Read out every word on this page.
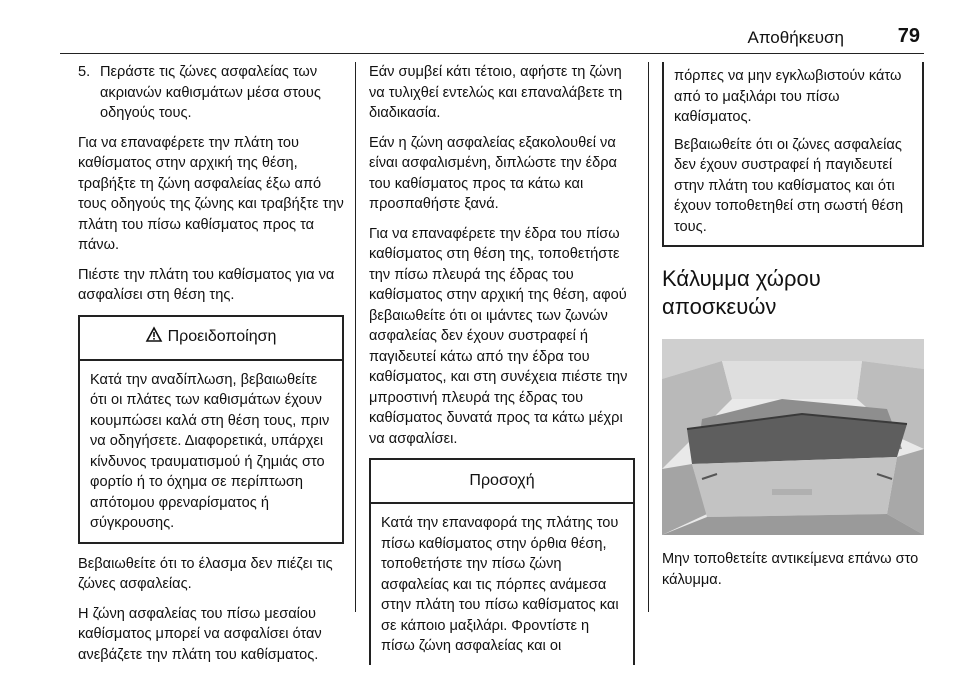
Αποθήκευση	79
5. Περάστε τις ζώνες ασφαλείας των ακριανών καθισμάτων μέσα στους οδηγούς τους.

Για να επαναφέρετε την πλάτη του καθίσματος στην αρχική της θέση, τραβήξτε τη ζώνη ασφαλείας έξω από τους οδηγούς της ζώνης και τραβήξτε την πλάτη του πίσω καθίσματος προς τα πάνω.

Πιέστε την πλάτη του καθίσματος για να ασφαλίσει στη θέση της.

Προειδοποίηση

Κατά την αναδίπλωση, βεβαιωθείτε ότι οι πλάτες των καθισμάτων έχουν κουμπώσει καλά στη θέση τους, πριν να οδηγήσετε. Διαφορετικά, υπάρχει κίνδυνος τραυματισμού ή ζημιάς στο φορτίο ή το όχημα σε περίπτωση απότομου φρεναρίσματος ή σύγκρουσης.

Βεβαιωθείτε ότι το έλασμα δεν πιέζει τις ζώνες ασφαλείας.

Η ζώνη ασφαλείας του πίσω μεσαίου καθίσματος μπορεί να ασφαλίσει όταν ανεβάζετε την πλάτη του καθίσματος.

Εάν συμβεί κάτι τέτοιο, αφήστε τη ζώνη να τυλιχθεί εντελώς και επαναλάβετε τη διαδικασία.

Εάν η ζώνη ασφαλείας εξακολουθεί να είναι ασφαλισμένη, διπλώστε την έδρα του καθίσματος προς τα κάτω και προσπαθήστε ξανά.

Για να επαναφέρετε την έδρα του πίσω καθίσματος στη θέση της, τοποθετήστε την πίσω πλευρά της έδρας του καθίσματος στην αρχική της θέση, αφού βεβαιωθείτε ότι οι ιμάντες των ζωνών ασφαλείας δεν έχουν συστραφεί ή παγιδευτεί κάτω από την έδρα του καθίσματος, και στη συνέχεια πιέστε την μπροστινή πλευρά της έδρας του καθίσματος δυνατά προς τα κάτω μέχρι να ασφαλίσει.

Προσοχή

Κατά την επαναφορά της πλάτης του πίσω καθίσματος στην όρθια θέση, τοποθετήστε την πίσω ζώνη ασφαλείας και τις πόρπες ανάμεσα στην πλάτη του πίσω καθίσματος και σε κάποιο μαξιλάρι. Φροντίστε η πίσω ζώνη ασφαλείας και οι

πόρπες να μην εγκλωβιστούν κάτω από το μαξιλάρι του πίσω καθίσματος.

Βεβαιωθείτε ότι οι ζώνες ασφαλείας δεν έχουν συστραφεί ή παγιδευτεί στην πλάτη του καθίσματος και ότι έχουν τοποθετηθεί στη σωστή θέση τους.

Κάλυμμα χώρου αποσκευών

Μην τοποθετείτε αντικείμενα επάνω στο κάλυμμα.
